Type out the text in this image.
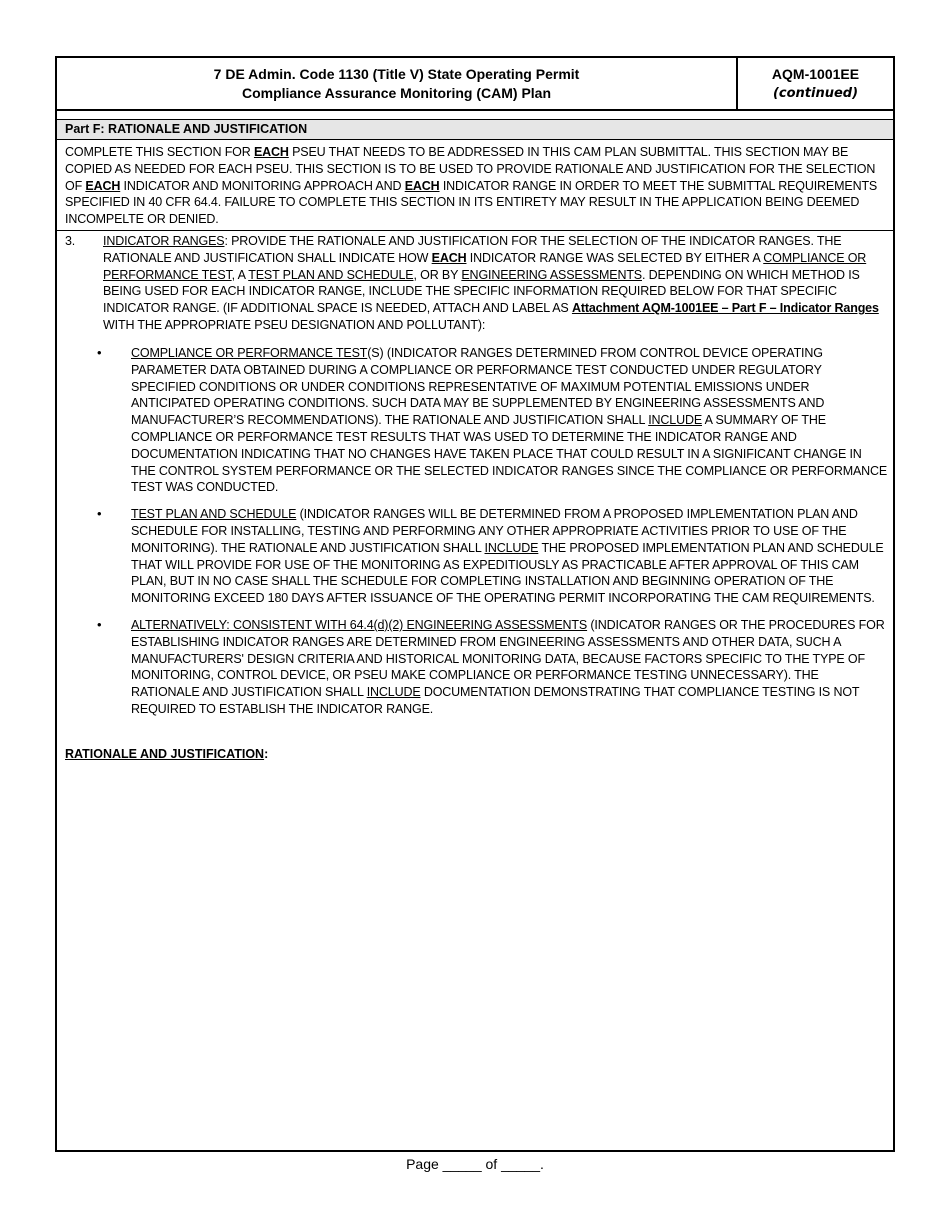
7 DE Admin. Code 1130 (Title V) State Operating Permit
Compliance Assurance Monitoring (CAM) Plan
AQM-1001EE
(continued)
Part F: RATIONALE AND JUSTIFICATION
COMPLETE THIS SECTION FOR EACH PSEU THAT NEEDS TO BE ADDRESSED IN THIS CAM PLAN SUBMITTAL. THIS SECTION MAY BE COPIED AS NEEDED FOR EACH PSEU. THIS SECTION IS TO BE USED TO PROVIDE RATIONALE AND JUSTIFICATION FOR THE SELECTION OF EACH INDICATOR AND MONITORING APPROACH AND EACH INDICATOR RANGE IN ORDER TO MEET THE SUBMITTAL REQUIREMENTS SPECIFIED IN 40 CFR 64.4. FAILURE TO COMPLETE THIS SECTION IN ITS ENTIRETY MAY RESULT IN THE APPLICATION BEING DEEMED INCOMPELTE OR DENIED.
3. INDICATOR RANGES: PROVIDE THE RATIONALE AND JUSTIFICATION FOR THE SELECTION OF THE INDICATOR RANGES. THE RATIONALE AND JUSTIFICATION SHALL INDICATE HOW EACH INDICATOR RANGE WAS SELECTED BY EITHER A COMPLIANCE OR PERFORMANCE TEST, A TEST PLAN AND SCHEDULE, OR BY ENGINEERING ASSESSMENTS. DEPENDING ON WHICH METHOD IS BEING USED FOR EACH INDICATOR RANGE, INCLUDE THE SPECIFIC INFORMATION REQUIRED BELOW FOR THAT SPECIFIC INDICATOR RANGE. (IF ADDITIONAL SPACE IS NEEDED, ATTACH AND LABEL AS Attachment AQM-1001EE – Part F – Indicator Ranges WITH THE APPROPRIATE PSEU DESIGNATION AND POLLUTANT):
• COMPLIANCE OR PERFORMANCE TEST(S) (INDICATOR RANGES DETERMINED FROM CONTROL DEVICE OPERATING PARAMETER DATA OBTAINED DURING A COMPLIANCE OR PERFORMANCE TEST CONDUCTED UNDER REGULATORY SPECIFIED CONDITIONS OR UNDER CONDITIONS REPRESENTATIVE OF MAXIMUM POTENTIAL EMISSIONS UNDER ANTICIPATED OPERATING CONDITIONS. SUCH DATA MAY BE SUPPLEMENTED BY ENGINEERING ASSESSMENTS AND MANUFACTURER’S RECOMMENDATIONS). THE RATIONALE AND JUSTIFICATION SHALL INCLUDE A SUMMARY OF THE COMPLIANCE OR PERFORMANCE TEST RESULTS THAT WAS USED TO DETERMINE THE INDICATOR RANGE AND DOCUMENTATION INDICATING THAT NO CHANGES HAVE TAKEN PLACE THAT COULD RESULT IN A SIGNIFICANT CHANGE IN THE CONTROL SYSTEM PERFORMANCE OR THE SELECTED INDICATOR RANGES SINCE THE COMPLIANCE OR PERFORMANCE TEST WAS CONDUCTED.
• TEST PLAN AND SCHEDULE (INDICATOR RANGES WILL BE DETERMINED FROM A PROPOSED IMPLEMENTATION PLAN AND SCHEDULE FOR INSTALLING, TESTING AND PERFORMING ANY OTHER APPROPRIATE ACTIVITIES PRIOR TO USE OF THE MONITORING). THE RATIONALE AND JUSTIFICATION SHALL INCLUDE THE PROPOSED IMPLEMENTATION PLAN AND SCHEDULE THAT WILL PROVIDE FOR USE OF THE MONITORING AS EXPEDITIOUSLY AS PRACTICABLE AFTER APPROVAL OF THIS CAM PLAN, BUT IN NO CASE SHALL THE SCHEDULE FOR COMPLETING INSTALLATION AND BEGINNING OPERATION OF THE MONITORING EXCEED 180 DAYS AFTER ISSUANCE OF THE OPERATING PERMIT INCORPORATING THE CAM REQUIREMENTS.
• ALTERNATIVELY: CONSISTENT WITH 64.4(d)(2) ENGINEERING ASSESSMENTS (INDICATOR RANGES OR THE PROCEDURES FOR ESTABLISHING INDICATOR RANGES ARE DETERMINED FROM ENGINEERING ASSESSMENTS AND OTHER DATA, SUCH A MANUFACTURERS' DESIGN CRITERIA AND HISTORICAL MONITORING DATA, BECAUSE FACTORS SPECIFIC TO THE TYPE OF MONITORING, CONTROL DEVICE, OR PSEU MAKE COMPLIANCE OR PERFORMANCE TESTING UNNECESSARY). THE RATIONALE AND JUSTIFICATION SHALL INCLUDE DOCUMENTATION DEMONSTRATING THAT COMPLIANCE TESTING IS NOT REQUIRED TO ESTABLISH THE INDICATOR RANGE.
RATIONALE AND JUSTIFICATION:
Page _____ of _____.
